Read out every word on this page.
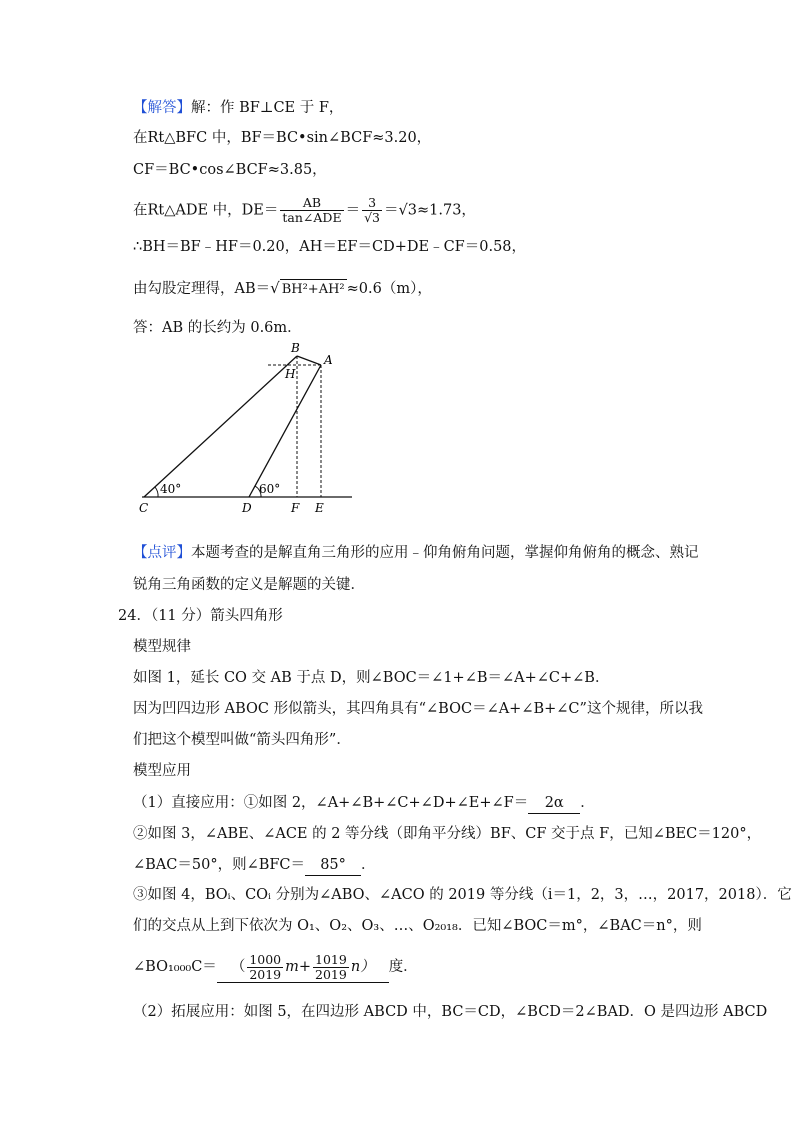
【解答】解：作 BF⊥CE 于 F，
在Rt△BFC 中，BF＝BC•sin∠BCF≈3.20，
CF＝BC•cos∠BCF≈3.85，
在Rt△ADE 中，$DE= \frac{AB}{\text{tan∠ADE}} = \frac{3}{√3} =√3\approx 1.73$，
∴BH＝BF﹣HF＝0.20，AH＝EF＝CD+DE﹣CF＝0.58，
由勾股定理得，AB＝√ BH²+AH² ≈0.6（m），
答：AB 的长约为 0.6m．
B
A
H
C	D	F E
40°	60°
【点评】本题考查的是解直角三角形的应用﹣仰角俯角问题，掌握仰角俯角的概念、熟记
锐角三角函数的定义是解题的关键．
24．（11 分）箭头四角形
模型规律
如图 1，延长 CO 交 AB 于点 D，则∠BOC＝∠1+∠B＝∠A+∠C+∠B．
因为凹四边形 ABOC 形似箭头，其四角具有“∠BOC＝∠A+∠B+∠C”这个规律，所以我
们把这个模型叫做“箭头四角形”．
模型应用
（1）直接应用：①如图 2，∠A+∠B+∠C+∠D+∠E+∠F＝ 2α ．
②如图 3，∠ABE、∠ACE 的 2 等分线（即角平分线）BF、CF 交于点 F，已知∠BEC＝120°，
∠BAC＝50°，则∠BFC＝ 85° ．
③如图 4，BOᵢ、COᵢ 分别为∠ABO、∠ACO 的 2019 等分线（i＝1，2，3，…，2017，2018）．它
们的交点从上到下依次为 O₁、O₂、O₃、…、O₂₀₁₈．已知∠BOC＝m°，∠BAC＝n°，则
∠BO₁₀₀₀C＝ （ $\frac{1000}{2019} m+ \frac{1019}{2019} n$） 度．
（2）拓展应用：如图 5，在四边形 ABCD 中，BC＝CD，∠BCD＝2∠BAD．O 是四边形 ABCD
